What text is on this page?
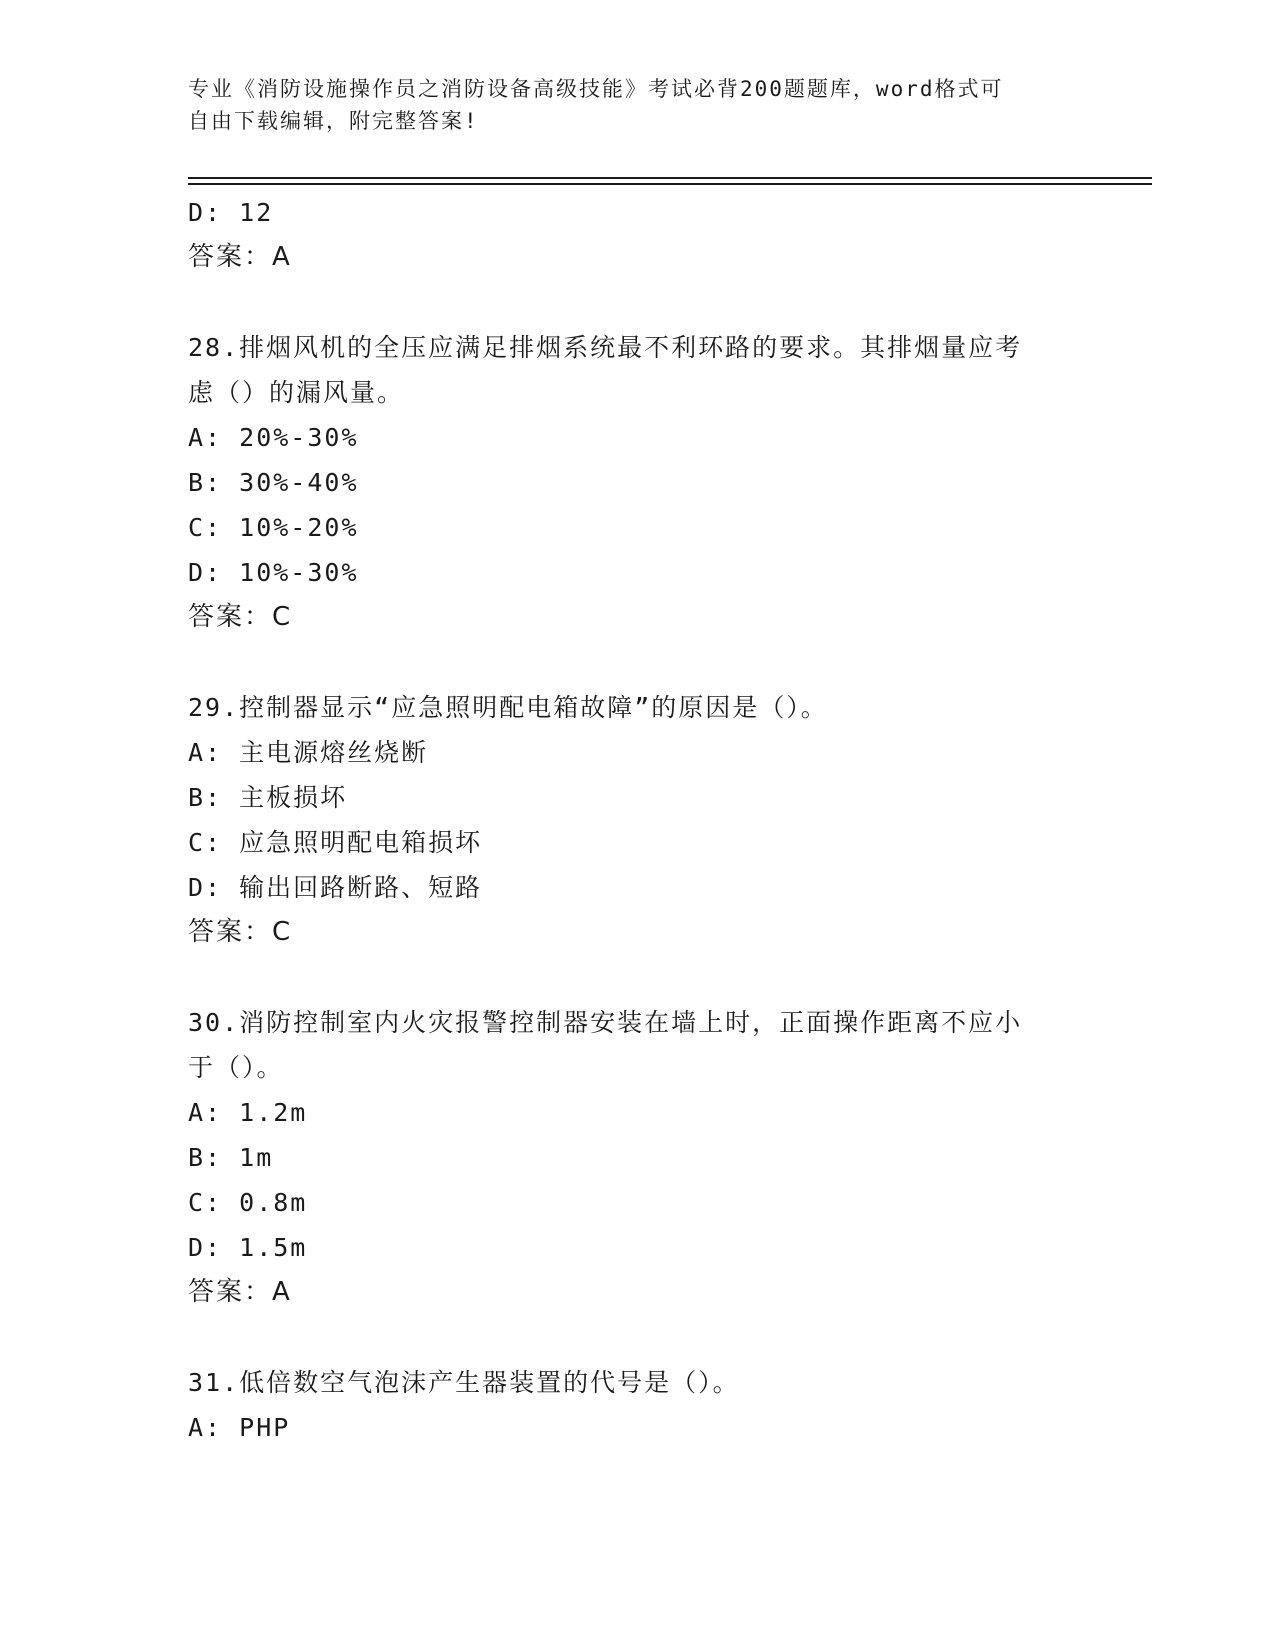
专业《消防设施操作员之消防设备高级技能》考试必背200题题库，word格式可
自由下载编辑，附完整答案!
D: 12
答案：A
28.排烟风机的全压应满足排烟系统最不利环路的要求。其排烟量应考
虑（）的漏风量。
A: 20%-30%
B: 30%-40%
C: 10%-20%
D: 10%-30%
答案：C
29.控制器显示“应急照明配电箱故障”的原因是（）。
A: 主电源熔丝烧断
B: 主板损坏
C: 应急照明配电箱损坏
D: 输出回路断路、短路
答案：C
30.消防控制室内火灾报警控制器安装在墙上时，正面操作距离不应小
于（）。
A: 1.2m
B: 1m
C: 0.8m
D: 1.5m
答案：A
31.低倍数空气泡沫产生器装置的代号是（）。
A: PHP
